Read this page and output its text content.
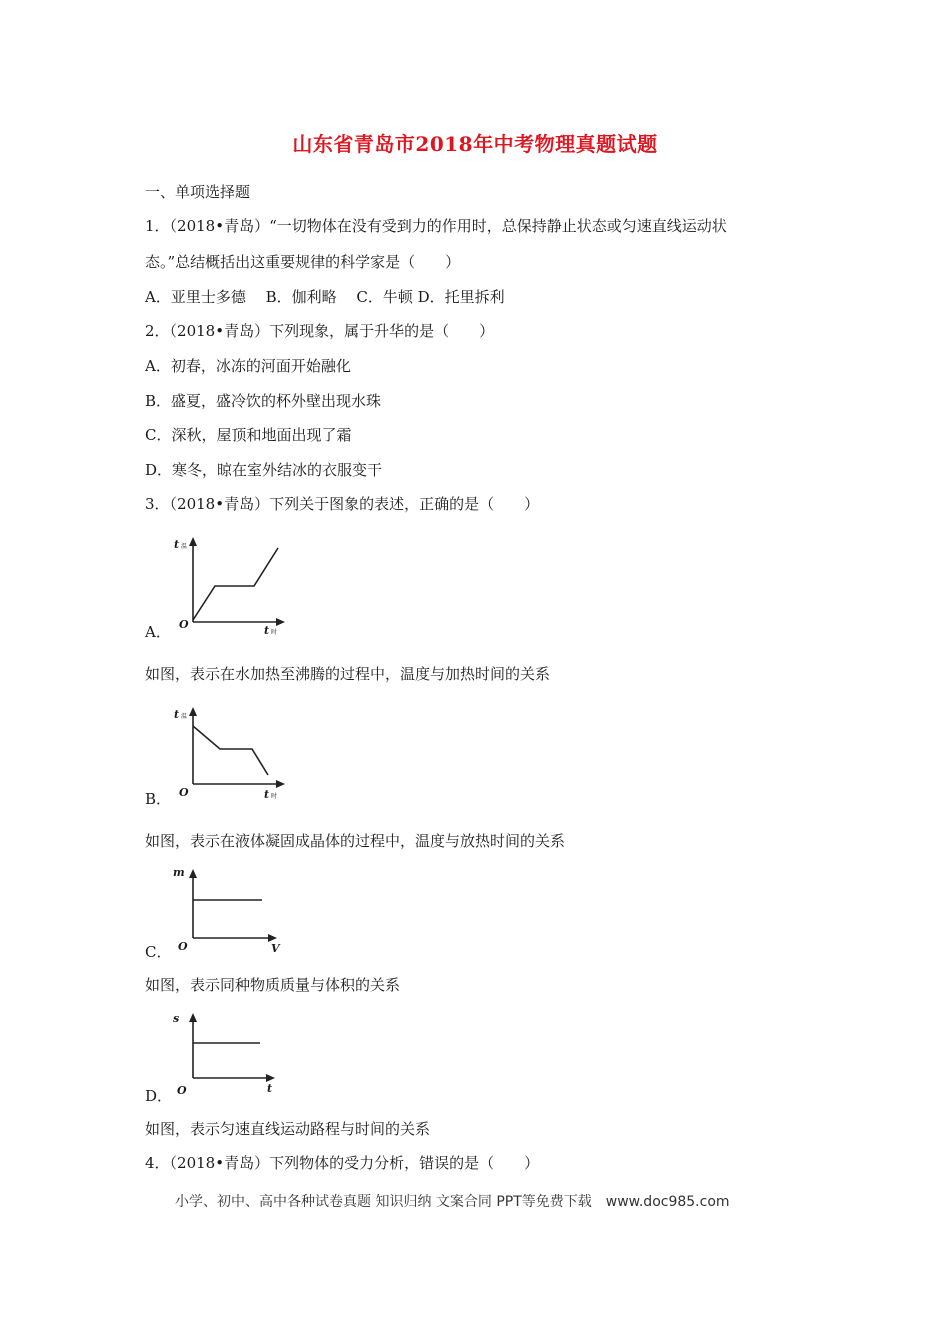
山东省青岛市2018年中考物理真题试题
一、单项选择题
1．（2018•青岛）“一切物体在没有受到力的作用时，总保持静止状态或匀速直线运动状
态。”总结概括出这重要规律的科学家是（　　）
A．亚里士多德　 B．伽利略　 C．牛顿 D．托里拆利
2．（2018•青岛）下列现象，属于升华的是（　　）
A．初春，冰冻的河面开始融化
B．盛夏，盛冷饮的杯外壁出现水珠
C．深秋，屋顶和地面出现了霜
D．寒冬，晾在室外结冰的衣服变干
3．（2018•青岛）下列关于图象的表述，正确的是（　　）
t 温
O	t 时
A．
如图，表示在水加热至沸腾的过程中，温度与加热时间的关系
t 温
O	t 时
B．
如图，表示在液体凝固成晶体的过程中，温度与放热时间的关系
m
O	V
C．
如图，表示同种物质质量与体积的关系
s
O	t
D．
如图，表示匀速直线运动路程与时间的关系
4．（2018•青岛）下列物体的受力分析，错误的是（　　）
小学、初中、高中各种试卷真题 知识归纳 文案合同 PPT等免费下载　www.doc985.com
